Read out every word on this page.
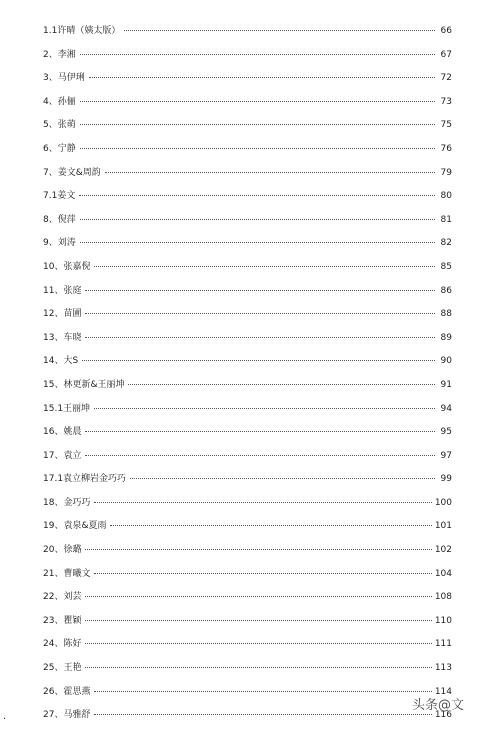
1.1许晴（姨太版）	66
2、李湘	67
3、马伊琍	72
4、孙俪	73
5、张萌	75
6、宁静	76
7、姜文&周韵	79
7.1姜文	80
8、倪萍	81
9、刘涛	82
10、张嘉倪	85
11、张庭	86
12、苗圃	88
13、车晓	89
14、大S	90
15、林更新&王丽坤	91
15.1王丽坤	94
16、姚晨	95
17、袁立	97
17.1袁立柳岩金巧巧	99
18、金巧巧	100
19、袁泉&夏雨	101
20、徐璐	102
21、曹曦文	104
22、刘芸	108
23、瞿颖	110
24、陈好	111
25、王艳	113
26、霍思燕	114
27、马雅舒	116
.
头条@文
